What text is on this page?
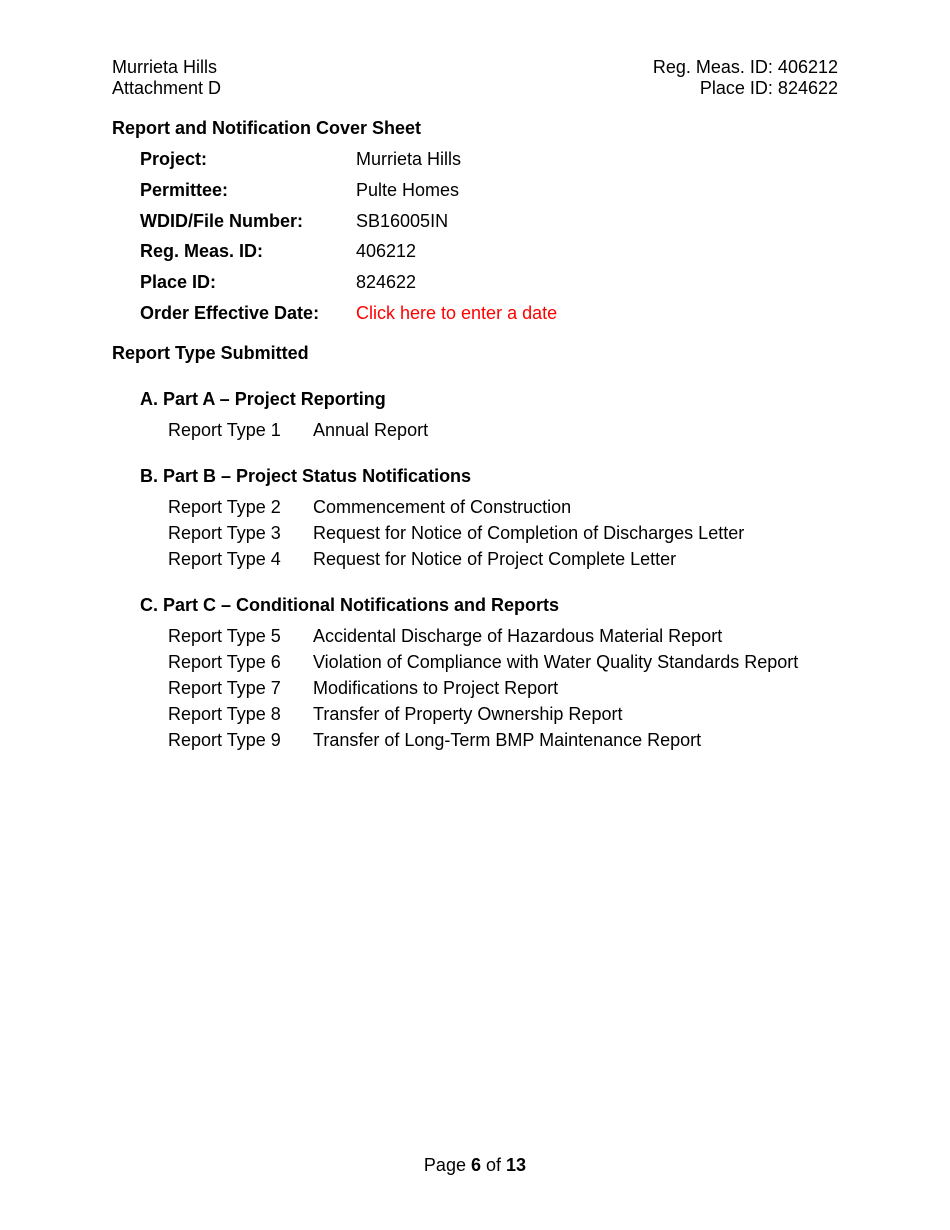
Murrieta Hills
Attachment D
Reg. Meas. ID: 406212
Place ID: 824622
Report and Notification Cover Sheet
Project:	Murrieta Hills
Permittee:	Pulte Homes
WDID/File Number:	SB16005IN
Reg. Meas. ID:	406212
Place ID:	824622
Order Effective Date: Click here to enter a date
Report Type Submitted
A. Part A – Project Reporting
Report Type 1 Annual Report
B. Part B – Project Status Notifications
Report Type 2 Commencement of Construction
Report Type 3 Request for Notice of Completion of Discharges Letter
Report Type 4 Request for Notice of Project Complete Letter
C. Part C – Conditional Notifications and Reports
Report Type 5 Accidental Discharge of Hazardous Material Report
Report Type 6 Violation of Compliance with Water Quality Standards Report
Report Type 7 Modifications to Project Report
Report Type 8 Transfer of Property Ownership Report
Report Type 9 Transfer of Long-Term BMP Maintenance Report
Page 6 of 13
